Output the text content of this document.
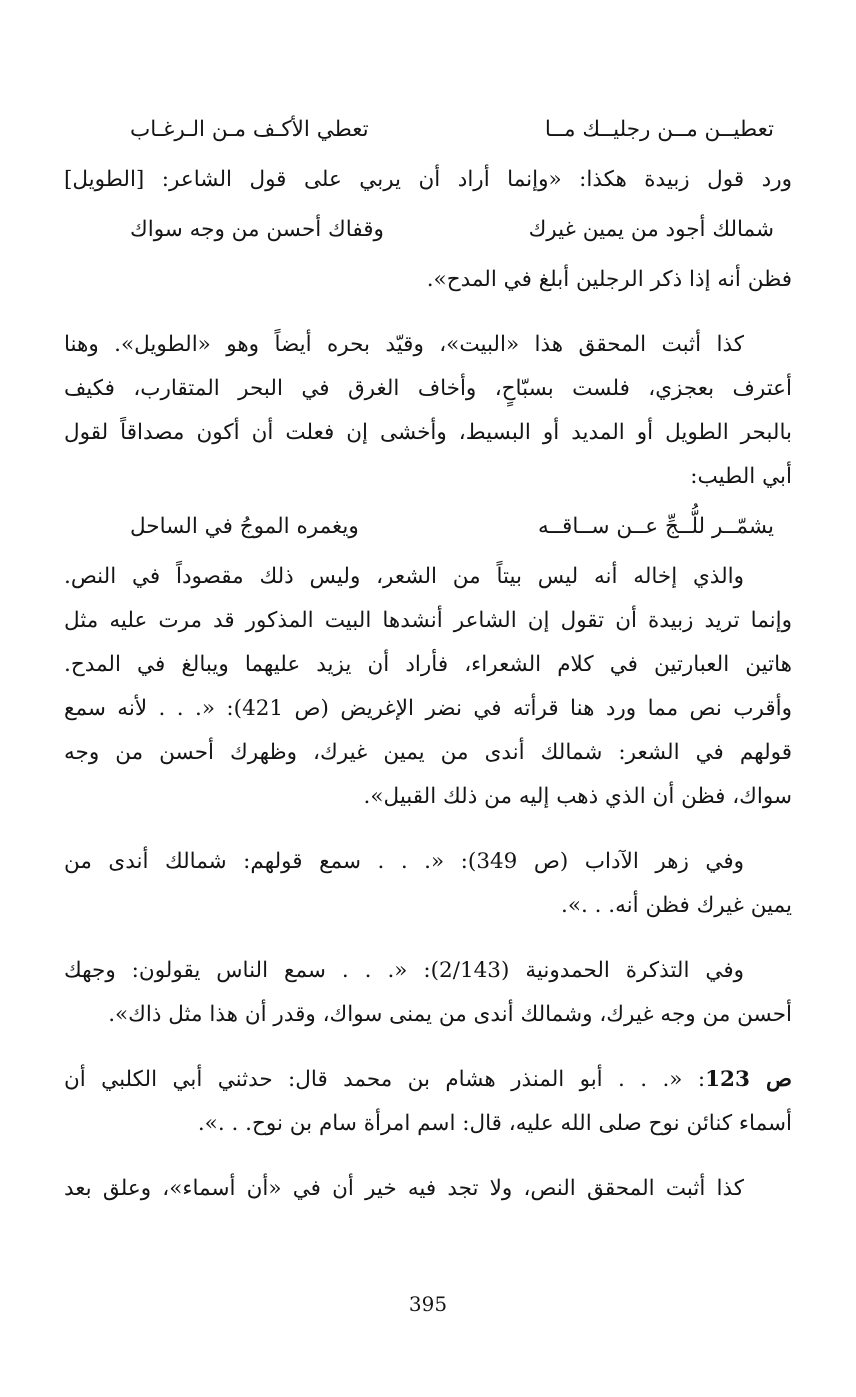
تعطيــن مــن رجليــك مــا
تعطي الأكـف مـن الـرغـاب
ورد قول زبيدة هكذا: «وإنما أراد أن يربي على قول الشاعر: [الطويل]
شمالك أجود من يمين غيرك
وقفاك أحسن من وجه سواك
فظن أنه إذا ذكر الرجلين أبلغ في المدح».
كذا أثبت المحقق هذا «البيت»، وقيّد بحره أيضاً وهو «الطويل». وهنا
أعترف بعجزي، فلست بسبّاحٍ، وأخاف الغرق في البحر المتقارب، فكيف
بالبحر الطويل أو المديد أو البسيط، وأخشى إن فعلت أن أكون مصداقاً لقول
أبي الطيب:
يشمّــر للُّــجِّ عــن ســاقــه
ويغمره الموجُ في الساحل
والذي إخاله أنه ليس بيتاً من الشعر، وليس ذلك مقصوداً في النص.
وإنما تريد زبيدة أن تقول إن الشاعر أنشدها البيت المذكور قد مرت عليه مثل
هاتين العبارتين في كلام الشعراء، فأراد أن يزيد عليهما ويبالغ في المدح.
وأقرب نص مما ورد هنا قرأته في نضر الإغريض (ص 421): «. . . لأنه سمع
قولهم في الشعر: شمالك أندى من يمين غيرك، وظهرك أحسن من وجه
سواك، فظن أن الذي ذهب إليه من ذلك القبيل».
وفي زهر الآداب (ص 349): «. . . سمع قولهم: شمالك أندى من
يمين غيرك فظن أنه. . .».
وفي التذكرة الحمدونية (2/143): «. . . سمع الناس يقولون: وجهك
أحسن من وجه غيرك، وشمالك أندى من يمنى سواك، وقدر أن هذا مثل ذاك».
ص 123: «. . . أبو المنذر هشام بن محمد قال: حدثني أبي الكلبي أن
أسماء كنائن نوح صلى الله عليه، قال: اسم امرأة سام بن نوح. . .».
كذا أثبت المحقق النص، ولا تجد فيه خير أن في «أن أسماء»، وعلق بعد
395
